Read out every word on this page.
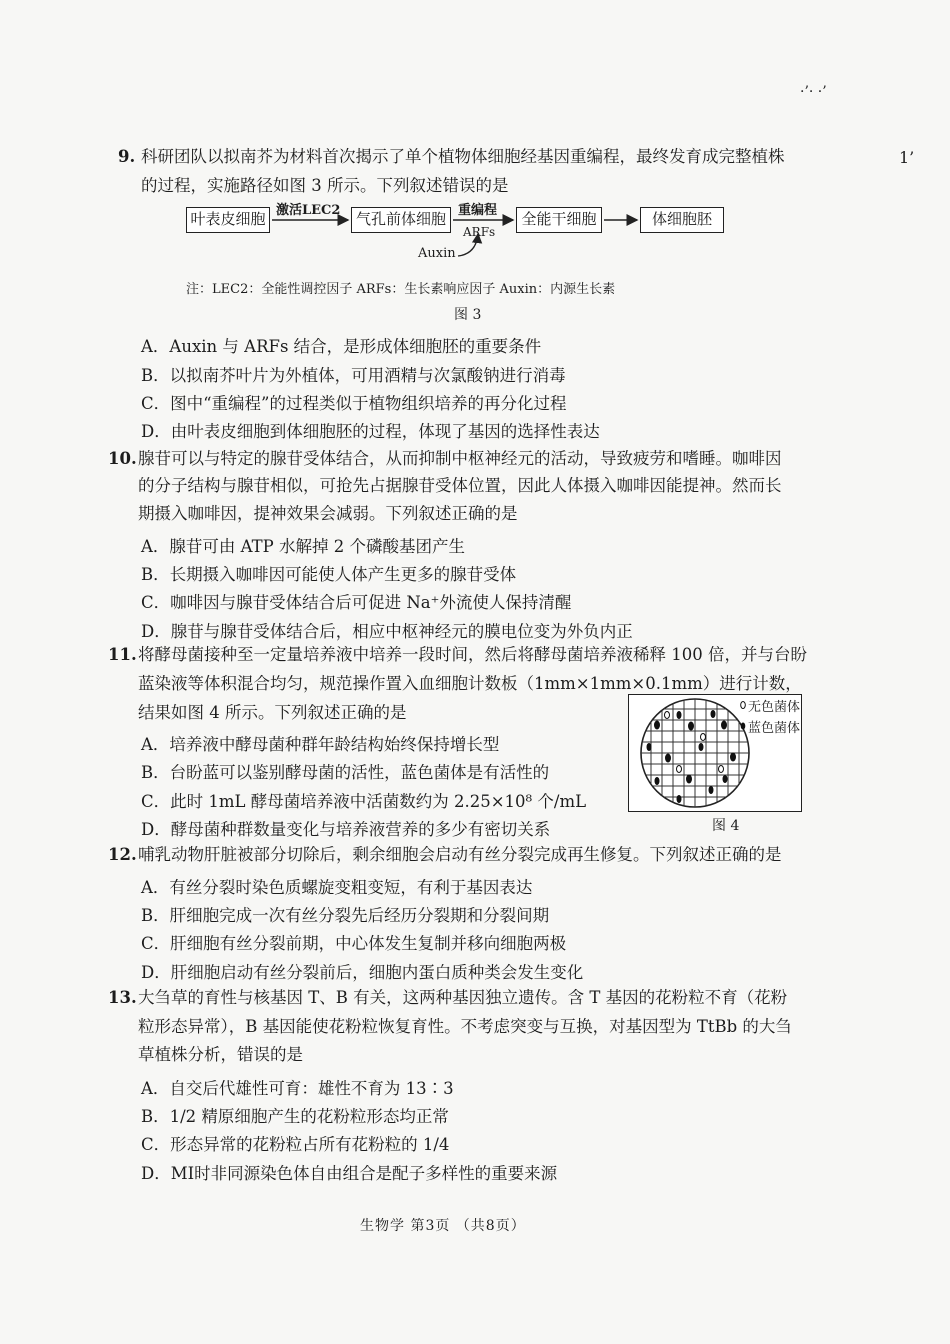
·’· ·’
1’
9. 科研团队以拟南芥为材料首次揭示了单个植物体细胞经基因重编程，最终发育成完整植株
的过程，实施路径如图 3 所示。下列叙述错误的是
叶表皮细胞	气孔前体细胞	全能干细胞	体细胞胚
激活LEC2	重编程
ARFs
Auxin
注：LEC2：全能性调控因子 ARFs：生长素响应因子 Auxin：内源生长素
图 3
A．Auxin 与 ARFs 结合，是形成体细胞胚的重要条件
B．以拟南芥叶片为外植体，可用酒精与次氯酸钠进行消毒
C．图中“重编程”的过程类似于植物组织培养的再分化过程
D．由叶表皮细胞到体细胞胚的过程，体现了基因的选择性表达
10. 腺苷可以与特定的腺苷受体结合，从而抑制中枢神经元的活动，导致疲劳和嗜睡。咖啡因
的分子结构与腺苷相似，可抢先占据腺苷受体位置，因此人体摄入咖啡因能提神。然而长
期摄入咖啡因，提神效果会减弱。下列叙述正确的是
A．腺苷可由 ATP 水解掉 2 个磷酸基团产生
B．长期摄入咖啡因可能使人体产生更多的腺苷受体
C．咖啡因与腺苷受体结合后可促进 Na⁺外流使人保持清醒
D．腺苷与腺苷受体结合后，相应中枢神经元的膜电位变为外负内正
11. 将酵母菌接种至一定量培养液中培养一段时间，然后将酵母菌培养液稀释 100 倍，并与台盼
蓝染液等体积混合均匀，规范操作置入血细胞计数板（1mm×1mm×0.1mm）进行计数，
结果如图 4 所示。下列叙述正确的是	无色菌体
蓝色菌体
图 4
A．培养液中酵母菌种群年龄结构始终保持增长型
B．台盼蓝可以鉴别酵母菌的活性，蓝色菌体是有活性的
C．此时 1mL 酵母菌培养液中活菌数约为 2.25×10⁸ 个/mL
D．酵母菌种群数量变化与培养液营养的多少有密切关系
12. 哺乳动物肝脏被部分切除后，剩余细胞会启动有丝分裂完成再生修复。下列叙述正确的是
A．有丝分裂时染色质螺旋变粗变短，有利于基因表达
B．肝细胞完成一次有丝分裂先后经历分裂期和分裂间期
C．肝细胞有丝分裂前期，中心体发生复制并移向细胞两极
D．肝细胞启动有丝分裂前后，细胞内蛋白质种类会发生变化
13. 大刍草的育性与核基因 T、B 有关，这两种基因独立遗传。含 T 基因的花粉粒不育（花粉
粒形态异常），B 基因能使花粉粒恢复育性。不考虑突变与互换，对基因型为 TtBb 的大刍
草植株分析，错误的是
A．自交后代雄性可育：雄性不育为 13∶3
B．1/2 精原细胞产生的花粉粒形态均正常
C．形态异常的花粉粒占所有花粉粒的 1/4
D．MⅠ时非同源染色体自由组合是配子多样性的重要来源
生物学 第3页 （共8页）
